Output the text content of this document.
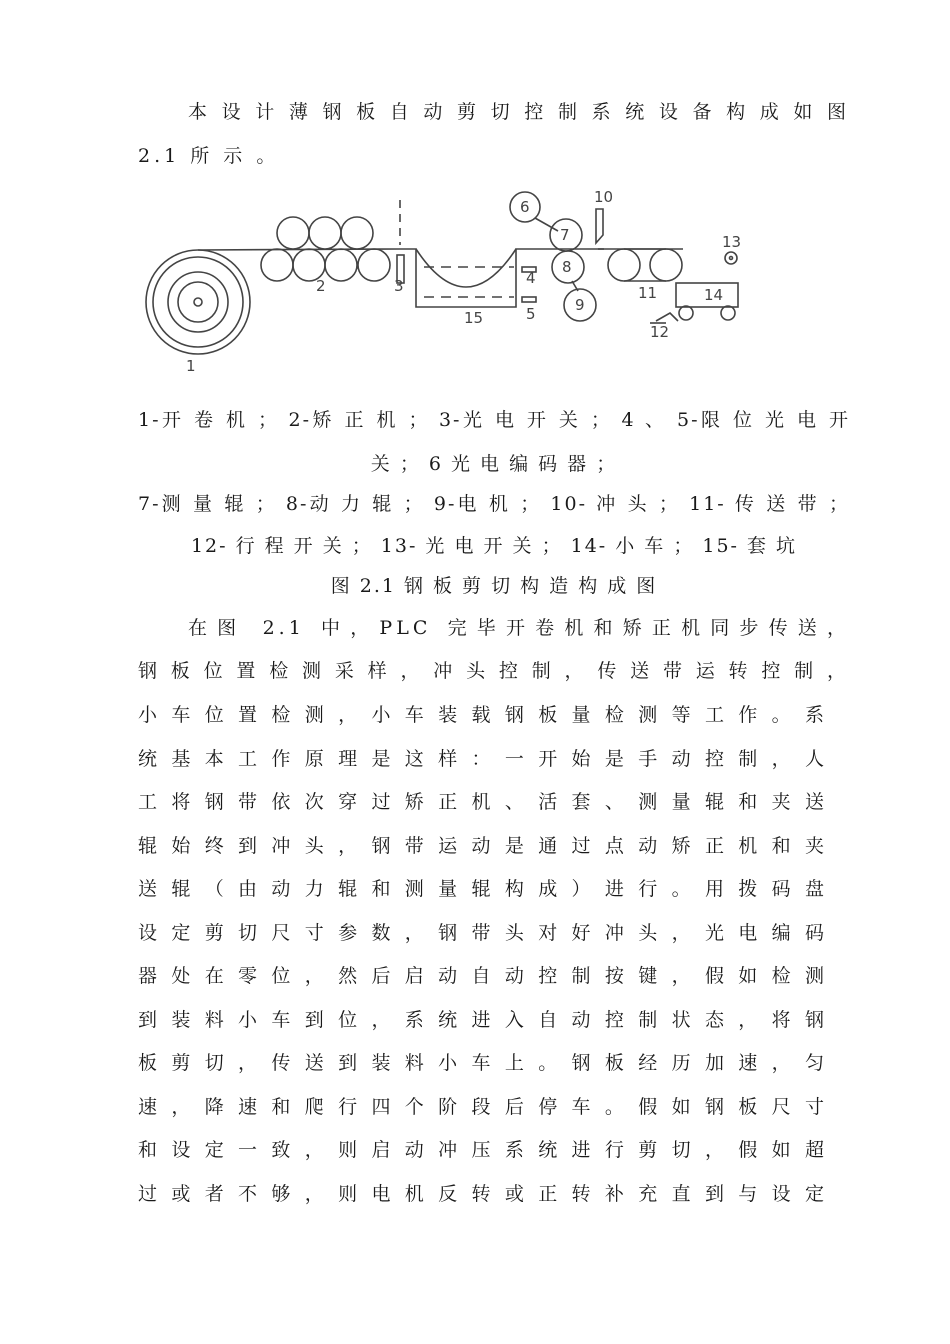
本设计薄钢板自动剪切控制系统设备构成如图
2.1 所 示 。
1
2	3	4
5
6
7
8
9
10
11
12
13
14
15
1-开 卷 机 ； 2-矫 正 机 ； 3-光 电 开 关 ； 4 、 5-限 位 光 电 开
关 ； 6 光 电 编 码 器 ；
7-测 量 辊 ； 8-动 力 辊 ； 9-电 机 ； 10- 冲 头 ； 11- 传 送 带 ；
12- 行 程 开 关 ； 13- 光 电 开 关 ； 14- 小 车 ； 15- 套 坑
图 2.1 钢 板 剪 切 构 造 构 成 图
在图 2.1 中，PLC 完毕开卷机和矫正机同步传送，
钢板位置检测采样，冲头控制，传送带运转控制，
小车位置检测，小车装载钢板量检测等工作。系
统基本工作原理是这样：一开始是手动控制，人
工将钢带依次穿过矫正机、活套、测量辊和夹送
辊始终到冲头，钢带运动是通过点动矫正机和夹
送辊（由动力辊和测量辊构成）进行。用拨码盘
设定剪切尺寸参数，钢带头对好冲头，光电编码
器处在零位，然后启动自动控制按键，假如检测
到装料小车到位，系统进入自动控制状态，将钢
板剪切，传送到装料小车上。钢板经历加速，匀
速，降速和爬行四个阶段后停车。假如钢板尺寸
和设定一致，则启动冲压系统进行剪切，假如超
过或者不够，则电机反转或正转补充直到与设定
